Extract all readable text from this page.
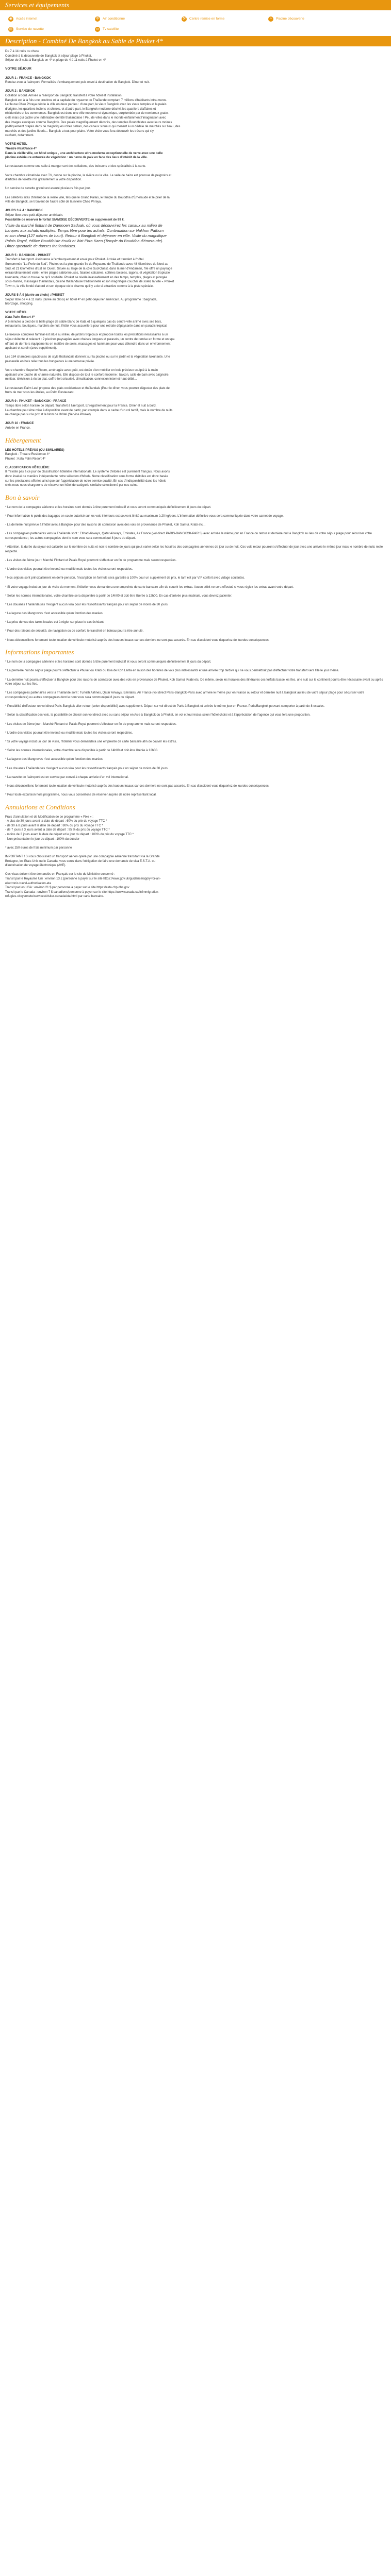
Services et équipements
◉	Accès internet	✲	Air conditionné	⚒ Centre remise en forme	≈	Piscine découverte
▤ Service de navette	▭ Tv satellite
Description - Combiné De Bangkok au Sable de Phuket 4*
Du 7 à 14 nuits ou chess
Combiné à la découverte de Bangkok et séjour plage à Phuket.
Séjour de 3 nuits à Bangkok en 4* et plage de 4 à 11 nuits à Phuket en 4*
VOTRE SÉJOUR
JOUR 1 : FRANCE - BANGKOK
Rendez-vous à l'aéroport. Formalités d'embarquement puis envol à destination de Bangkok. Dîner et nuit.
JOUR 2 : BANGKOK
Collation à bord. Arrivée à l'aéroport de Bangkok, transfert à votre hôtel et installation.
Bangkok est à la fois une province et la capitale du royaume de Thaïlande comptant 7 millions d'habitants intra-muros.
Le fleuve Chao Phraya décrie la ville en deux parties : d'une part, le vieux Bangkok avec les vieux temples et la palais
d'origine, les quartiers indiens et chinois, et d'autre part, le Bangkok moderne décrivit les quartiers d'affaires et
résidentiels et les commerces. Bangkok est donc une ville moderne et dynamique, surplombée par de nombreux gratte-
ciels mais qui cache une indéniable identité thaïlandaise ! Peu de villes dans le monde enflamment l'imagination avec
des images exotiques comme Bangkok. Des palais magnifiquement décorés, des temples Bouddhistes avec leurs moines
poétiquement drapés dans de magnifiques robes safran, des canaux sinueux qui mènent à un dédale de marchés sur l'eau, des
marchés et des jardins fleuris... Bangkok a tout pour plaire. Votre visite vous fera découvrir les trésors qui s'y
cachent, notamment.
VOTRE HÔTEL
Theatre Residence 4*
Dans la vieille ville, un hôtel unique , une architecture ultra moderne exceptionnelle de verre avec une belle
piscine extérieure entourée de végétation : un havre de paix en face des lieux d'intérêt de la ville.
Le restaurant comme une salle à manger sert des collations, des boissons et des spécialités à la carte.
Votre chambre climatisée avec TV, donne sur la piscine, la rivière ou la ville. Le salle de bains est pourvue de peignoirs et
d'articles de toilette mis gratuitement à votre disposition.
Un service de navette gratuit est assuré plusieurs fois par jour.
Les célèbres sites d'intérêt de la vieille ville, tels que le Grand Palais, le temple du Bouddha d'Émeraude et le pilier de la
ville de Bangkok, se trouvent de l'autre côté de la rivière Chao Phraya.
JOURS 3 & 4 : BANGKOK
Séjour libre avec petit-déjeuner américain.
Possibilité de réserver le forfait SIAMOISE DÉCOUVERTE en supplément de 99 €.
Visite du marché flottant de Damnoen Saduak, où vous découvrirez les canaux au milieu de
barques aux achats multiples. Temps libre pour les achats. Continuation sur Nakhon Pathom
et son chedi (127 mètres de haut). Retour à Bangkok et déjeuner en ville. Visite du magnifique
Palais Royal, édifice Bouddhiste érudit et Wat Phra Kaeo (Temple du Bouddha d'émeraude).
Dîner-spectacle de danses thaïlandaises.
JOUR 5 : BANGKOK - PHUKET
Transfert à l'aéroport. Assistance à l'embarquement et envol pour Phuket. Arrivée et transfert à l'hôtel.
Surnommée "La Perle du Sud", Phuket est la plus grande île du Royaume de Thaïlande avec 48 kilomètres du Nord au
Sud, et 21 kilomètres d'Est en Ouest. Située au large de la côte Sud-Ouest, dans la mer d'Andaman, l'île offre un paysage
extraordinairement varié : entre plages sablonneuses, falaises calcaires, collines boisées, lagons, et végétation tropicale
luxuriante, chacun trouve ce qu'il souhaite. Phuket se révèle inlassablement en des temps, temples, plages et plongée
sous-marine, massages thaïlandais, cuisine thaïlandaise traditionnelle et son magnifique coucher de soleil, la ville « Phuket
Town », la ville fondé d'abord et son époque où le charme qu'il y a de si attractive comme à la piste spéciale.
JOURS 5 À 9 (durée au choix) : PHUKET
Séjour libre de 4 à 11 nuits (durée au choix) en hôtel 4* en petit-déjeuner américain. Au programme : baignade,
bronzage, shopping.
VOTRE HÔTEL
Kata Palm Resort 4*
A 5 minutes à pied de la belle plage de sable blanc de Kata et à quelques pas du centre-ville animé avec ses bars,
restaurants, boutiques, marchés de nuit, l'hôtel vous accueillera pour une retraite dépaysante dans un paradis tropical.
Le luxueux complexe familial est situé au milieu de jardins tropicaux et propose toutes les prestations nécessaires à un
séjour détente et relaxant : 2 piscines paysagées avec chaises longues et parasols, un centre de remise en forme et un spa
offrant de derniers équipements en matière de soins, massages et hammam pour vous détendre dans un environnement
apaisant et serein (avec supplément).
Les 184 chambres spacieuses de style thaïlandais donnent sur la piscine ou sur le jardin et la végétation luxuriante. Une
passerelle en bois relie tous les bungalows à une terrasse privée.
Votre chambre Superior Room, aménagée avec goût, est dotée d'un mobilier en bois précieux sculpté à la main
apaisant une touche de charme naturelle. Elle dispose de tout le confort moderne : balcon, salle de bain avec baignoire,
minibar, télévision à écran plat, coffre-fort sécurisé, climatisation, connexion internet haut débit...
Le restaurant Palm Leaf propose des plats occidentaux et thaïlandais (Pour le dîner, vous pourrez déguster des plats de
fruits de mer sous les étoiles, au Palm Restaurant.
JOUR 9 : PHUKET - BANGKOK - FRANCE
Temps libre selon horaire de départ. Transfert à l'aéroport. Enregistrement pour la France. Dîner et nuit à bord.
La chambre peut être mise à disposition avant de partir, par exemple dans le cadre d'un vol tardif, mais le nombre de nuits
ne change pas sur le prix et le Nom de l'hôtel (Service Phuket).
JOUR 10 : FRANCE
Arrivée en France.
Hébergement
LES HÔTELS PRÉVUS (OU SIMILAIRES)
Bangkok : Theatre Residence 4*
Phuket : Kata Palm Resort 4*
CLASSIFICATION HÔTELIÈRE
Il n'existe pas à ce jour de classification hôtelière internationale. Le système d'étoiles est purement français. Nous avons
donc évalué de manière indépendante notre sélection d'hôtels. Notre classification sous forme d'étoiles est donc basée
sur les prestations offertes ainsi que sur l'appréciation de notre service qualité. En cas d'indisponibilité dans les hôtels
cités nous nous chargerons de réserver un hôtel de catégorie similaire sélectionné par nos soins.
Bon à savoir
* Le nom de la compagnie aérienne et les horaires sont donnés à titre purement indicatif et vous seront communiqués définitivement 8 jours du départ.
* Pour information le poids des bagages en soute autorisé sur les vols intérieurs est souvent limité au maximum à 20 kg/pers. L'information définitive vous sera communiquée dans votre carnet de voyage.
- La dernière nuit prévue à l'hôtel avec à Bangkok pour des raisons de connexion avec des vols en provenance de Phuket, Koh Samui, Krabi etc...
- Les compagnies partenaires vers la Thaïlande sont : Etihad Airways, Qatar Airways, Emirates, Air France (vol direct PARIS-BANGKOK-PARIS) avec arrivée le même jour en France ou retour et dernière nuit à Bangkok au lieu de votre séjour plage pour sécuriser votre correspondance ; les autres compagnies dont le nom vous sera communiqué 8 jours du départ.
* Attention, la durée du séjour est calculée sur le nombre de nuits et non le nombre de jours qui peut varier selon les horaires des compagnies aériennes de jour ou de nuit. Ces vols retour pourront s'effectuer de jour avec une arrivée le même jour mais le nombre de nuits reste respecté.
- Les visites de 3ème jour : Marché Flottant et Palais Royal pourront s'effectuer en fin de programme mais seront respectées.
* L'ordre des visites pourrait être inversé ou modifié mais toutes les visites seront respectées.
* Nos séjours sont principalement en demi-pension, l'inscription en formule sera garantie à 100% pour un supplément de prix, le tarif est par VIP confort avec vidage coulantes.
* Si votre voyage inclut un jour de visite du moment, l'hôtelier vous demandera une empreinte de carte bancaire afin de couvrir les extras. Aucun débit ne sera effectué si vous réglez les extras avant votre départ.
* Selon les normes internationales, votre chambre sera disponible à partir de 14h00 et doit être libérée à 12h00. En cas d'arrivée plus matinale, vous devrez patienter.
* Les douanes Thaïlandaises n'exigent aucun visa pour les ressortissants français pour un séjour de moins de 30 jours.
* La lagune des Mangroves n'est accessible qu'en fonction des marées.
* La prise de vue des taxes locales est à régler sur place le cas échéant.
* Pour des raisons de sécurité, de navigation ou de confort, le transfert en bateau pourra être annulé.
* Nous déconseillons fortement toute location de véhicule motorisé auprès des loueurs locaux car ces derniers ne sont pas assurés. En cas d'accident vous risqueriez de lourdes conséquences.
Informations Importantes
* Le nom de la compagnie aérienne et les horaires sont donnés à titre purement indicatif et vous seront communiqués définitivement 8 jours du départ.
* La première nuit de séjour plage pourra s'effectuer à Phuket ou Krabi ou Koa de Koh Lanta en raison des horaires de vols plus intéressants et une arrivée trop tardive qui ne vous permettrait pas d'effectuer votre transfert vers l'île le jour même.
* La dernière nuit pourra s'effectuer à Bangkok pour des raisons de connexion avec des vols en provenance de Phuket, Koh Samui, Krabi etc. De même, selon les horaires des itinéraires ces forfaits basse les îles, une nuit sur le continent pourra être nécessaire avant ou après votre séjour sur les îles.
* Les compagnies partenaires vers la Thaïlande sont : Turkish Airlines, Qatar Airways, Emirates, Air France (vol direct Paris-Bangkok-Paris avec arrivée le même jour en France ou retour et dernière nuit à Bangkok au lieu de votre séjour plage pour sécuriser votre correspondance) ou autres compagnies dont le nom vous sera communiqué 8 jours du départ.
* Possibilité d'effectuer un vol direct Paris-Bangkok aller-retour (selon disponibilité) avec supplément. Départ sur vol direct de Paris à Bangkok et arrivée le même jour en France. Paris/Bangkok pouvant comporter à partir de 8 escales.
* Selon la classification des vols, la possibilité de choisir son vol direct avec ou sans séjour en Asie à Bangkok ou à Phuket, en vol et tout-inclus selon l'hôtel choisi et à l'appréciation de l'agence qui vous fera une proposition.
* Les visites de 3ème jour : Marché Flottant et Palais Royal pourront s'effectuer en fin de programme mais seront respectées.
* L'ordre des visites pourrait être inversé ou modifié mais toutes les visites seront respectées.
* Si votre voyage inclut un jour de visite, l'hôtelier vous demandera une empreinte de carte bancaire afin de couvrir les extras.
* Selon les normes internationales, votre chambre sera disponible à partir de 14h00 et doit être libérée à 12h00.
* La lagune des Mangroves n'est accessible qu'en fonction des marées.
* Les douanes Thaïlandaises n'exigent aucun visa pour les ressortissants français pour un séjour de moins de 30 jours.
* La navette de l'aéroport est en service par convoi à chaque arrivée d'un vol international.
* Nous déconseillons fortement toute location de véhicule motorisé auprès des loueurs locaux car ces derniers ne sont pas assurés. En cas d'accident vous risqueriez de lourdes conséquences.
* Pour toute excursion hors programme, nous vous conseillons de réserver auprès de notre représentant local.
Annulations et Conditions
Frais d'annulation et de Modification de ce programme « Fixe » :
- A plus de 30 jours avant la date de départ : 60% du prix du voyage TTC *
- de 30 à 8 jours avant la date de départ : 80% du prix du voyage TTC *
- de 7 jours à 3 jours avant la date de départ : 95 % du prix du voyage TTC *
- moins de 3 jours avant la date de départ et le jour du départ : 100% du prix du voyage TTC *
- Non présentation le jour du départ : 100% du dossier
* avec 250 euros de frais minimum par personne
IMPORTANT ! Si vous choisissez un transport aérien opéré par une compagnie aérienne transitant via la Grande
Bretagne, les Etats Unis ou le Canada, vous serez dans l'obligation de faire une demande de visa E.S.T.A. ou
d'autorisation de voyage électronique (AVE).
Ces visas doivent être demandés en Français sur le site du Ministère concerné :
Transit par le Royaume Uni : environ 13 £ (personne à payer sur le site https://www.gov.uk/guidance/apply-for-an-
electronic-travel-authorisation-eta
Transit par les USA : environ 21 $ par personne à payer sur le site https://esta.cbp.dhs.gov
Transit par le Canada : environ 7 $ canadiens/personne à payer sur le site https://www.canada.ca/fr/immigration-
refugies-citoyennete/services/visiter-canada/eta.html par carte bancaire.
